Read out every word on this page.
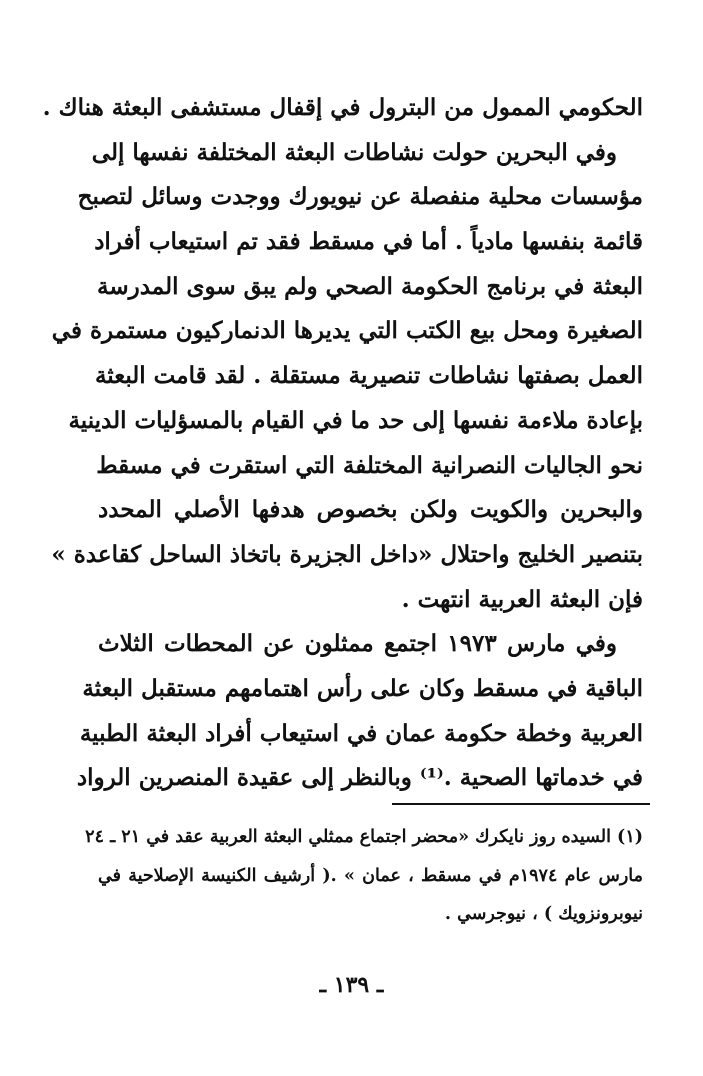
الحكومي الممول من البترول في إقفال مستشفى البعثة هناك .
وفي البحرين حولت نشاطات البعثة المختلفة نفسها إلى
مؤسسات محلية منفصلة عن نيويورك ووجدت وسائل لتصبح
قائمة بنفسها مادياً . أما في مسقط فقد تم استيعاب أفراد
البعثة في برنامج الحكومة الصحي ولم يبق سوى المدرسة
الصغيرة ومحل بيع الكتب التي يديرها الدنماركيون مستمرة في
العمل بصفتها نشاطات تنصيرية مستقلة . لقد قامت البعثة
بإعادة ملاءمة نفسها إلى حد ما في القيام بالمسؤليات الدينية
نحو الجاليات النصرانية المختلفة التي استقرت في مسقط
والبحرين والكويت ولكن بخصوص هدفها الأصلي المحدد
بتنصير الخليج واحتلال «داخل الجزيرة باتخاذ الساحل كقاعدة »
فإن البعثة العربية انتهت .
وفي مارس ١٩٧٣ اجتمع ممثلون عن المحطات الثلاث
الباقية في مسقط وكان على رأس اهتمامهم مستقبل البعثة
العربية وخطة حكومة عمان في استيعاب أفراد البعثة الطبية
في خدماتها الصحية .⁽¹⁾ وبالنظر إلى عقيدة المنصرين الرواد
(١) السيده روز نايكرك «محضر اجتماع ممثلي البعثة العربية عقد في ٢١ ـ ٢٤
مارس عام ١٩٧٤م في مسقط ، عمان » .( أرشيف الكنيسة الإصلاحية في
نيوبرونزويك ) ، نيوجرسي .
ـ ١٣٩ ـ
